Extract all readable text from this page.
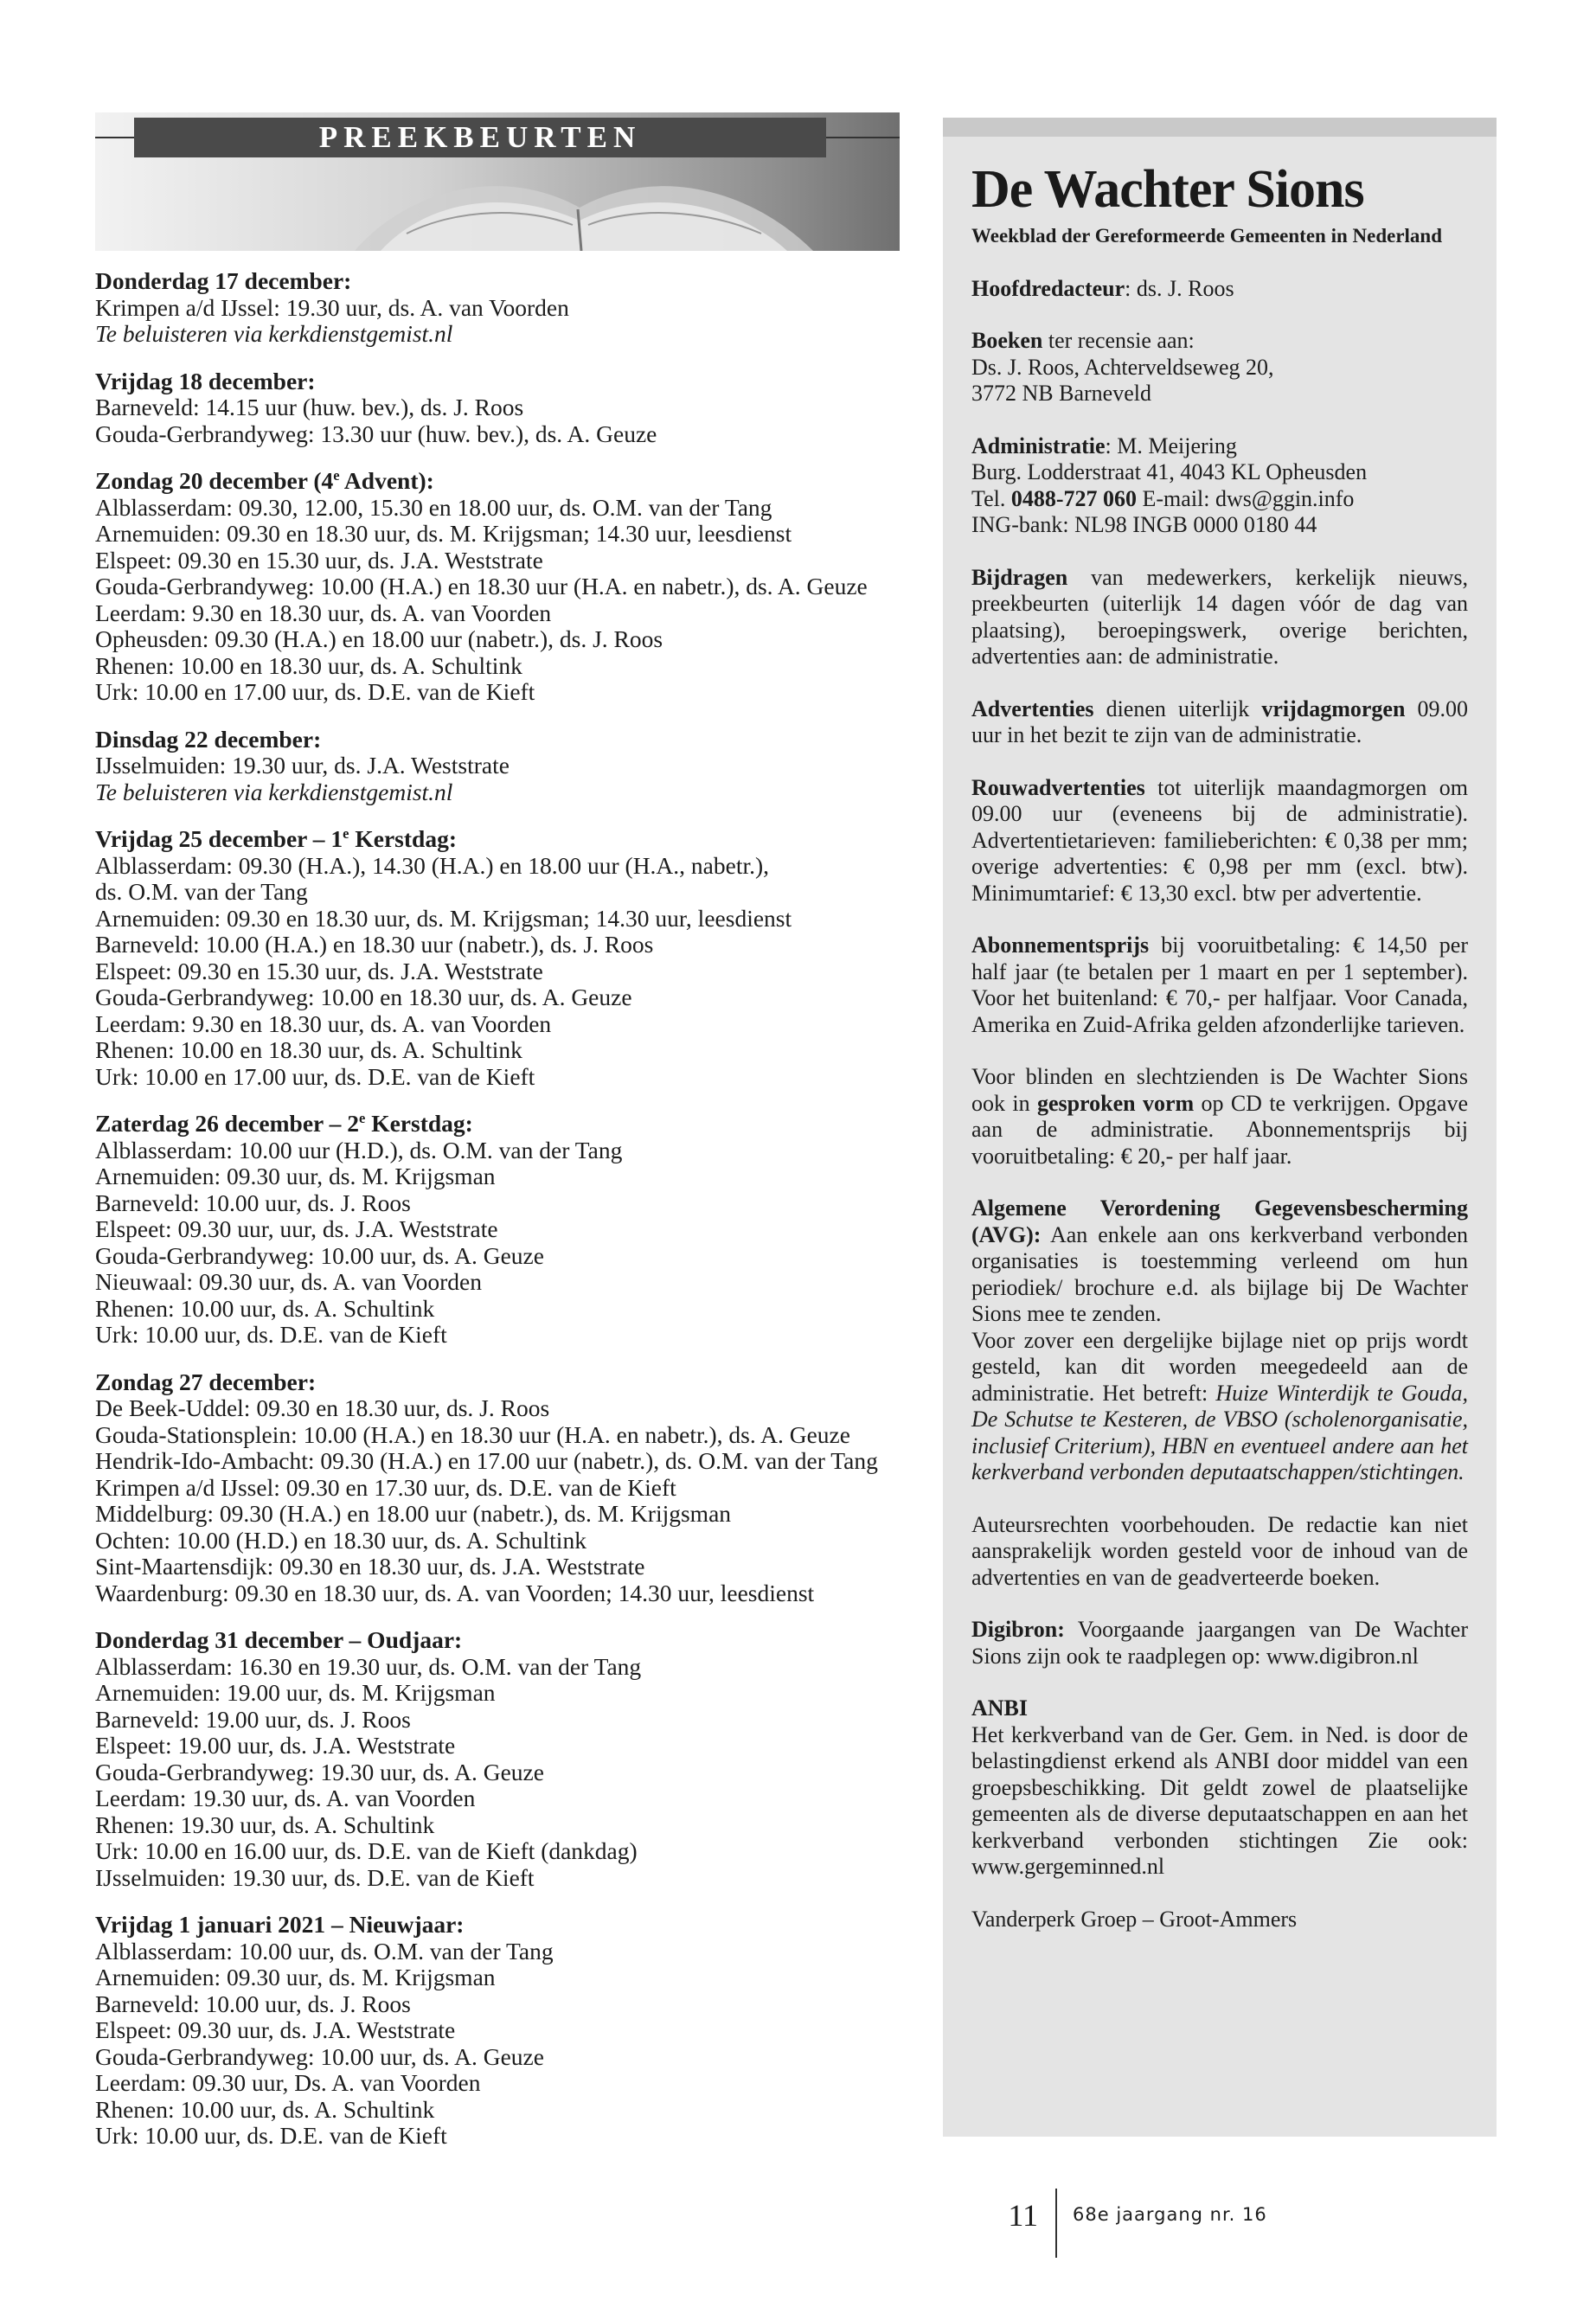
PREEKBEURTEN
Donderdag 17 december:
Krimpen a/d IJssel: 19.30 uur, ds. A. van Voorden
Te beluisteren via kerkdienstgemist.nl
Vrijdag 18 december:
Barneveld: 14.15 uur (huw. bev.), ds. J. Roos
Gouda-Gerbrandyweg: 13.30 uur (huw. bev.), ds. A. Geuze
Zondag 20 december (4e Advent):
Alblasserdam: 09.30, 12.00, 15.30 en 18.00 uur, ds. O.M. van der Tang
Arnemuiden: 09.30 en 18.30 uur, ds. M. Krijgsman; 14.30 uur, leesdienst
Elspeet: 09.30 en 15.30 uur, ds. J.A. Weststrate
Gouda-Gerbrandyweg: 10.00 (H.A.) en 18.30 uur (H.A. en nabetr.), ds. A. Geuze
Leerdam: 9.30 en 18.30 uur, ds. A. van Voorden
Opheusden: 09.30 (H.A.) en 18.00 uur (nabetr.), ds. J. Roos
Rhenen: 10.00 en 18.30 uur, ds. A. Schultink
Urk: 10.00 en 17.00 uur, ds. D.E. van de Kieft
Dinsdag 22 december:
IJsselmuiden: 19.30 uur, ds. J.A. Weststrate
Te beluisteren via kerkdienstgemist.nl
Vrijdag 25 december – 1e Kerstdag:
Alblasserdam: 09.30 (H.A.), 14.30 (H.A.) en 18.00 uur (H.A., nabetr.),
ds. O.M. van der Tang
Arnemuiden: 09.30 en 18.30 uur, ds. M. Krijgsman; 14.30 uur, leesdienst
Barneveld: 10.00 (H.A.) en 18.30 uur (nabetr.), ds. J. Roos
Elspeet: 09.30 en 15.30 uur, ds. J.A. Weststrate
Gouda-Gerbrandyweg: 10.00 en 18.30 uur, ds. A. Geuze
Leerdam: 9.30 en 18.30 uur, ds. A. van Voorden
Rhenen: 10.00 en 18.30 uur, ds. A. Schultink
Urk: 10.00 en 17.00 uur, ds. D.E. van de Kieft
Zaterdag 26 december – 2e Kerstdag:
Alblasserdam: 10.00 uur (H.D.), ds. O.M. van der Tang
Arnemuiden: 09.30 uur, ds. M. Krijgsman
Barneveld: 10.00 uur, ds. J. Roos
Elspeet: 09.30 uur, uur, ds. J.A. Weststrate
Gouda-Gerbrandyweg: 10.00 uur, ds. A. Geuze
Nieuwaal: 09.30 uur, ds. A. van Voorden
Rhenen: 10.00 uur, ds. A. Schultink
Urk: 10.00 uur, ds. D.E. van de Kieft
Zondag 27 december:
De Beek-Uddel: 09.30 en 18.30 uur, ds. J. Roos
Gouda-Stationsplein: 10.00 (H.A.) en 18.30 uur (H.A. en nabetr.), ds. A. Geuze
Hendrik-Ido-Ambacht: 09.30 (H.A.) en 17.00 uur (nabetr.), ds. O.M. van der Tang
Krimpen a/d IJssel: 09.30 en 17.30 uur, ds. D.E. van de Kieft
Middelburg: 09.30 (H.A.) en 18.00 uur (nabetr.), ds. M. Krijgsman
Ochten: 10.00 (H.D.) en 18.30 uur, ds. A. Schultink
Sint-Maartensdijk: 09.30 en 18.30 uur, ds. J.A. Weststrate
Waardenburg: 09.30 en 18.30 uur, ds. A. van Voorden; 14.30 uur, leesdienst
Donderdag 31 december – Oudjaar:
Alblasserdam: 16.30 en 19.30 uur, ds. O.M. van der Tang
Arnemuiden: 19.00 uur, ds. M. Krijgsman
Barneveld: 19.00 uur, ds. J. Roos
Elspeet: 19.00 uur, ds. J.A. Weststrate
Gouda-Gerbrandyweg: 19.30 uur, ds. A. Geuze
Leerdam: 19.30 uur, ds. A. van Voorden
Rhenen: 19.30 uur, ds. A. Schultink
Urk: 10.00 en 16.00 uur, ds. D.E. van de Kieft (dankdag)
IJsselmuiden: 19.30 uur, ds. D.E. van de Kieft
Vrijdag 1 januari 2021 – Nieuwjaar:
Alblasserdam: 10.00 uur, ds. O.M. van der Tang
Arnemuiden: 09.30 uur, ds. M. Krijgsman
Barneveld: 10.00 uur, ds. J. Roos
Elspeet: 09.30 uur, ds. J.A. Weststrate
Gouda-Gerbrandyweg: 10.00 uur, ds. A. Geuze
Leerdam: 09.30 uur, Ds. A. van Voorden
Rhenen: 10.00 uur, ds. A. Schultink
Urk: 10.00 uur, ds. D.E. van de Kieft
De Wachter Sions
Weekblad der Gereformeerde Gemeenten in Nederland
Hoofdredacteur: ds. J. Roos
Boeken ter recensie aan:
Ds. J. Roos, Achterveldseweg 20,
3772 NB Barneveld
Administratie: M. Meijering
Burg. Lodderstraat 41, 4043 KL Opheusden
Tel. 0488-727 060 E-mail: dws@ggin.info
ING-bank: NL98 INGB 0000 0180 44
Bijdragen van medewerkers, kerkelijk nieuws, preekbeurten (uiterlijk 14 dagen vóór de dag van plaatsing), beroepingswerk, overige berichten, advertenties aan: de administratie.
Advertenties dienen uiterlijk vrijdagmorgen 09.00 uur in het bezit te zijn van de administratie.
Rouwadvertenties tot uiterlijk maandagmorgen om 09.00 uur (eveneens bij de administratie). Advertentietarieven: familieberichten: € 0,38 per mm; overige advertenties: € 0,98 per mm (excl. btw). Minimumtarief: € 13,30 excl. btw per advertentie.
Abonnementsprijs bij vooruitbetaling: € 14,50 per half jaar (te betalen per 1 maart en per 1 september). Voor het buitenland: € 70,- per halfjaar. Voor Canada, Amerika en Zuid-Afrika gelden afzonderlijke tarieven.
Voor blinden en slechtzienden is De Wachter Sions ook in gesproken vorm op CD te verkrijgen. Opgave aan de administratie. Abonnementsprijs bij vooruitbetaling: € 20,- per half jaar.
Algemene Verordening Gegevensbescherming (AVG): Aan enkele aan ons kerkverband verbonden organisaties is toestemming verleend om hun periodiek/ brochure e.d. als bijlage bij De Wachter Sions mee te zenden.
Voor zover een dergelijke bijlage niet op prijs wordt gesteld, kan dit worden meegedeeld aan de administratie. Het betreft: Huize Winterdijk te Gouda, De Schutse te Kesteren, de VBSO (scholenorganisatie, inclusief Criterium), HBN en eventueel andere aan het kerkverband verbonden deputaatschappen/stichtingen.
Auteursrechten voorbehouden. De redactie kan niet aansprakelijk worden gesteld voor de inhoud van de advertenties en van de geadverteerde boeken.
Digibron: Voorgaande jaargangen van De Wachter Sions zijn ook te raadplegen op: www.digibron.nl
ANBI
Het kerkverband van de Ger. Gem. in Ned. is door de belastingdienst erkend als ANBI door middel van een groepsbeschikking. Dit geldt zowel de plaatselijke gemeenten als de diverse deputaatschappen en aan het kerkverband verbonden stichtingen Zie ook: www.gergeminned.nl
Vanderperk Groep – Groot-Ammers
11 68e jaargang nr. 16
